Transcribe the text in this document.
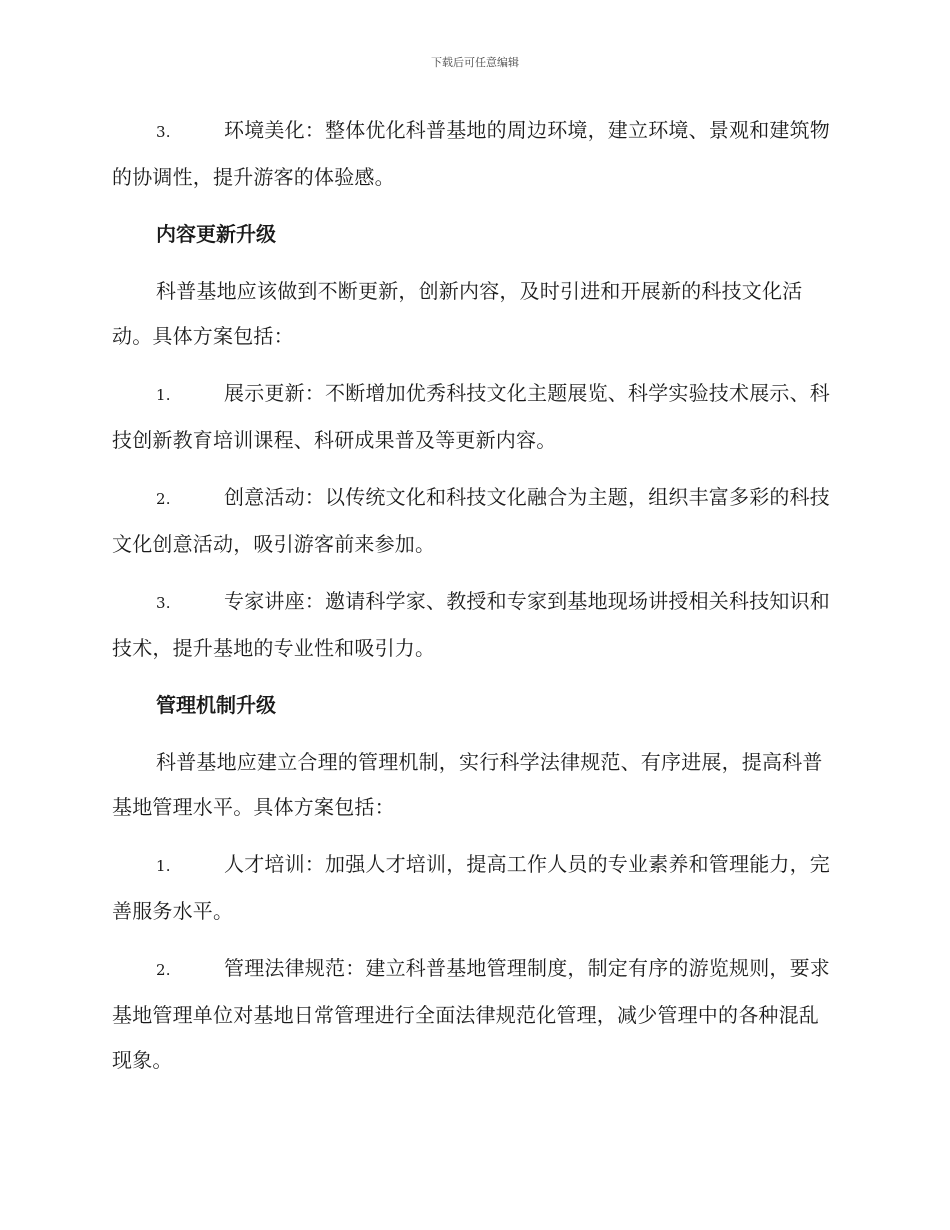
下载后可任意编辑

3.	环境美化：整体优化科普基地的周边环境，建立环境、景观和建筑物的协调性，提升游客的体验感。

内容更新升级

科普基地应该做到不断更新，创新内容，及时引进和开展新的科技文化活动。具体方案包括：

1.	展示更新：不断增加优秀科技文化主题展览、科学实验技术展示、科技创新教育培训课程、科研成果普及等更新内容。

2.	创意活动：以传统文化和科技文化融合为主题，组织丰富多彩的科技文化创意活动，吸引游客前来参加。

3.	专家讲座：邀请科学家、教授和专家到基地现场讲授相关科技知识和技术，提升基地的专业性和吸引力。

管理机制升级

科普基地应建立合理的管理机制，实行科学法律规范、有序进展，提高科普基地管理水平。具体方案包括：

1.	人才培训：加强人才培训，提高工作人员的专业素养和管理能力，完善服务水平。

2.	管理法律规范：建立科普基地管理制度，制定有序的游览规则，要求基地管理单位对基地日常管理进行全面法律规范化管理，减少管理中的各种混乱现象。
